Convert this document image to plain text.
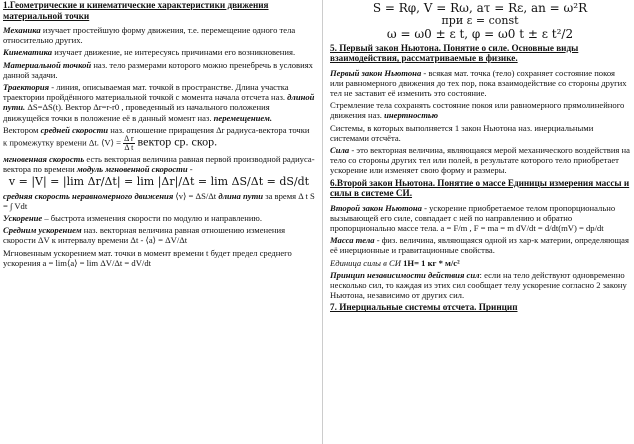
1.Геометрические и кинематические характеристики движения материальной точки

Механика изучает простейшую форму движения, т.е. перемещение одного тела относительно других.

Кинематика изучает движение, не интересуясь причинами его возникновения.

Материальной точкой наз. тело размерами которого можно пренебречь в условиях данной задачи.

Траектория - линия, описываемая мат. точкой в пространстве. Длина участка траектории пройдённого материальной точкой с момента начала отсчета наз. длиной пути. ΔS=ΔS(t). Вектор Δr=r-r0 , проведенный из начального положения движущейся точки в положение её в данный момент наз. перемещением.

Вектором средней скорости наз. отношение приращения Δr радиуса-вектора точки к промежутку времени Δt. ⟨V⟩ = $\frac{\text{Δ r}}{\text{Δ t}}$ вектор ср. скор.

мгновенная скорость есть векторная величина равная первой производной радиуса-вектора по времени модуль мгновенной скорости -

v = |V| = |lim Δr/Δt| = lim |Δr|/Δt = lim ΔS/Δt = dS/dt

средняя скорость неравномерного движения ⟨v⟩ = ΔS/Δt длина пути за время Δ t S = ∫ Vdt

Ускорение – быстрота изменения скорости по модулю и направлению.

Средним ускорением наз. векторная величина равная отношению изменения скорости ΔV к интервалу времени Δt - ⟨a⟩ = ΔV/Δt

Мгновенным ускорением мат. точки в момент времени t будет предел среднего ускорения a = lim⟨a⟩ = lim ΔV/Δt = dV/dt

S = Rφ, V = Rω, aτ = Rε, an = ω²R

при ε = const

ω = ω0 ± ε t, φ = ω0 t ± ε t²/2

5. Первый закон Ньютона. Понятие о силе. Основные виды взаимодействия, рассматриваемые в физике.

Первый закон Ньютона - всякая мат. точка (тело) сохраняет состояние покоя или равномерного движения до тех пор, пока взаимодействие со стороны других тел не заставит её изменить это состояние.

Стремление тела сохранять состояние покоя или равномерного прямолинейного движения наз. инертностью

Системы, в которых выполняется 1 закон Ньютона наз. инерциальными системами отсчёта.

Сила - это векторная величина, являющаяся мерой механического воздействия на тело со стороны других тел или полей, в результате которого тело приобретает ускорение или изменяет свою форму и размеры.

6.Второй закон Ньютона. Понятие о массе Единицы измерения массы и силы в системе СИ.

Второй закон Ньютона - ускорение приобретаемое телом пропорционально вызывающей его силе, совпадает с ней по направлению и обратно пропорционально массе тела. a = F/m , F = ma = m dV/dt = d/dt(mV) = dp/dt

Масса тела - физ. величина, являющаяся одной из хар-к материи, определяющая её инерционные и гравитационные свойства.

Единица силы в СИ 1Н= 1 кг * м/с²

Принцип независимости действия сил: если на тело действуют одновременно несколько сил, то каждая из этих сил сообщает телу ускорение согласно 2 закону Ньютона, независимо от других сил.

7. Инерциальные системы отсчета. Принцип
